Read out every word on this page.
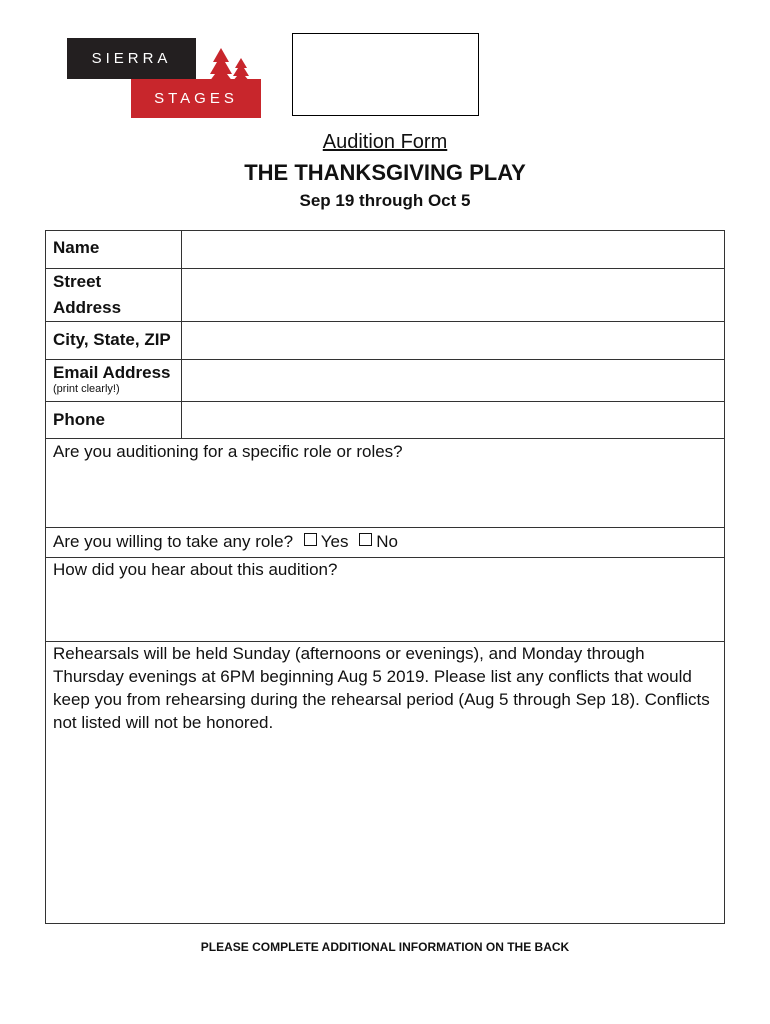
SIERRA
STAGES
Audition Form
THE THANKSGIVING PLAY
Sep 19 through Oct 5
Name	
Street
Address	
City, State, ZIP	
Email Address
(print clearly!)	

Phone	
Are you auditioning for a specific role or roles?	
Are you willing to take any role? Yes No	
How did you hear about this audition?	
Rehearsals will be held Sunday (afternoons or evenings), and Monday through Thursday evenings at 6PM beginning Aug 5 2019. Please list any conflicts that would keep you from rehearsing during the rehearsal period (Aug 5 through Sep 18). Conflicts not listed will not be honored.	
PLEASE COMPLETE ADDITIONAL INFORMATION ON THE BACK
